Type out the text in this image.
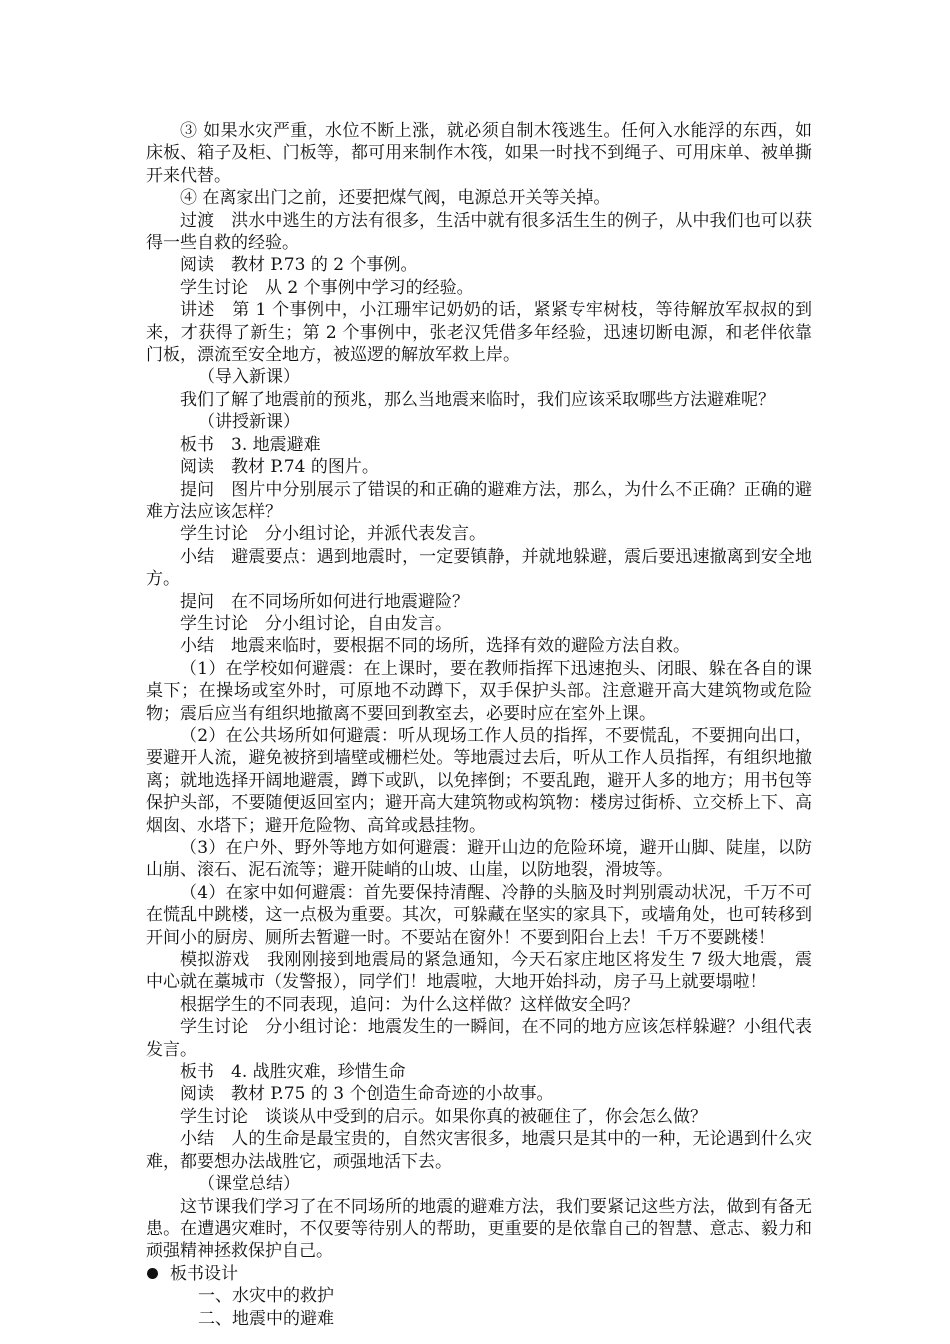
③ 如果水灾严重，水位不断上涨，就必须自制木筏逃生。任何入水能浮的东西，如床板、箱子及柜、门板等，都可用来制作木筏，如果一时找不到绳子、可用床单、被单撕开来代替。

④ 在离家出门之前，还要把煤气阀，电源总开关等关掉。

过渡　洪水中逃生的方法有很多，生活中就有很多活生生的例子，从中我们也可以获得一些自救的经验。

阅读　教材 P.73 的 2 个事例。

学生讨论　从 2 个事例中学习的经验。

讲述　第 1 个事例中，小江珊牢记奶奶的话，紧紧专牢树枝，等待解放军叔叔的到来，才获得了新生；第 2 个事例中，张老汉凭借多年经验，迅速切断电源，和老伴依靠门板，漂流至安全地方，被巡逻的解放军救上岸。

（导入新课）

我们了解了地震前的预兆，那么当地震来临时，我们应该采取哪些方法避难呢？

（讲授新课）

板书　3. 地震避难

阅读　教材 P.74 的图片。

提问　图片中分别展示了错误的和正确的避难方法，那么，为什么不正确？正确的避难方法应该怎样？

学生讨论　分小组讨论，并派代表发言。

小结　避震要点：遇到地震时，一定要镇静，并就地躲避，震后要迅速撤离到安全地方。

提问　在不同场所如何进行地震避险？

学生讨论　分小组讨论，自由发言。

小结　地震来临时，要根据不同的场所，选择有效的避险方法自救。

（1）在学校如何避震：在上课时，要在教师指挥下迅速抱头、闭眼、躲在各自的课桌下；在操场或室外时，可原地不动蹲下，双手保护头部。注意避开高大建筑物或危险物；震后应当有组织地撤离不要回到教室去，必要时应在室外上课。

（2）在公共场所如何避震：听从现场工作人员的指挥，不要慌乱，不要拥向出口，要避开人流，避免被挤到墙壁或栅栏处。等地震过去后，听从工作人员指挥，有组织地撤离；就地选择开阔地避震，蹲下或趴，以免摔倒；不要乱跑，避开人多的地方；用书包等保护头部，不要随便返回室内；避开高大建筑物或构筑物：楼房过街桥、立交桥上下、高烟囱、水塔下；避开危险物、高耸或悬挂物。

（3）在户外、野外等地方如何避震：避开山边的危险环境，避开山脚、陡崖，以防山崩、滚石、泥石流等；避开陡峭的山坡、山崖，以防地裂，滑坡等。

（4）在家中如何避震：首先要保持清醒、冷静的头脑及时判别震动状况，千万不可在慌乱中跳楼，这一点极为重要。其次，可躲藏在坚实的家具下，或墙角处，也可转移到开间小的厨房、厕所去暂避一时。不要站在窗外！不要到阳台上去！千万不要跳楼！

模拟游戏　我刚刚接到地震局的紧急通知，今天石家庄地区将发生 7 级大地震，震中心就在藁城市（发警报），同学们！地震啦，大地开始抖动，房子马上就要塌啦！

根据学生的不同表现，追问：为什么这样做？这样做安全吗？

学生讨论　分小组讨论：地震发生的一瞬间，在不同的地方应该怎样躲避？小组代表发言。

板书　4. 战胜灾难，珍惜生命

阅读　教材 P.75 的 3 个创造生命奇迹的小故事。

学生讨论　谈谈从中受到的启示。如果你真的被砸住了，你会怎么做？

小结　人的生命是最宝贵的，自然灾害很多，地震只是其中的一种，无论遇到什么灾难，都要想办法战胜它，顽强地活下去。

（课堂总结）

这节课我们学习了在不同场所的地震的避难方法，我们要紧记这些方法，做到有备无患。在遭遇灾难时，不仅要等待别人的帮助，更重要的是依靠自己的智慧、意志、毅力和顽强精神拯救保护自己。

板书设计

一、水灾中的救护

二、地震中的避难
